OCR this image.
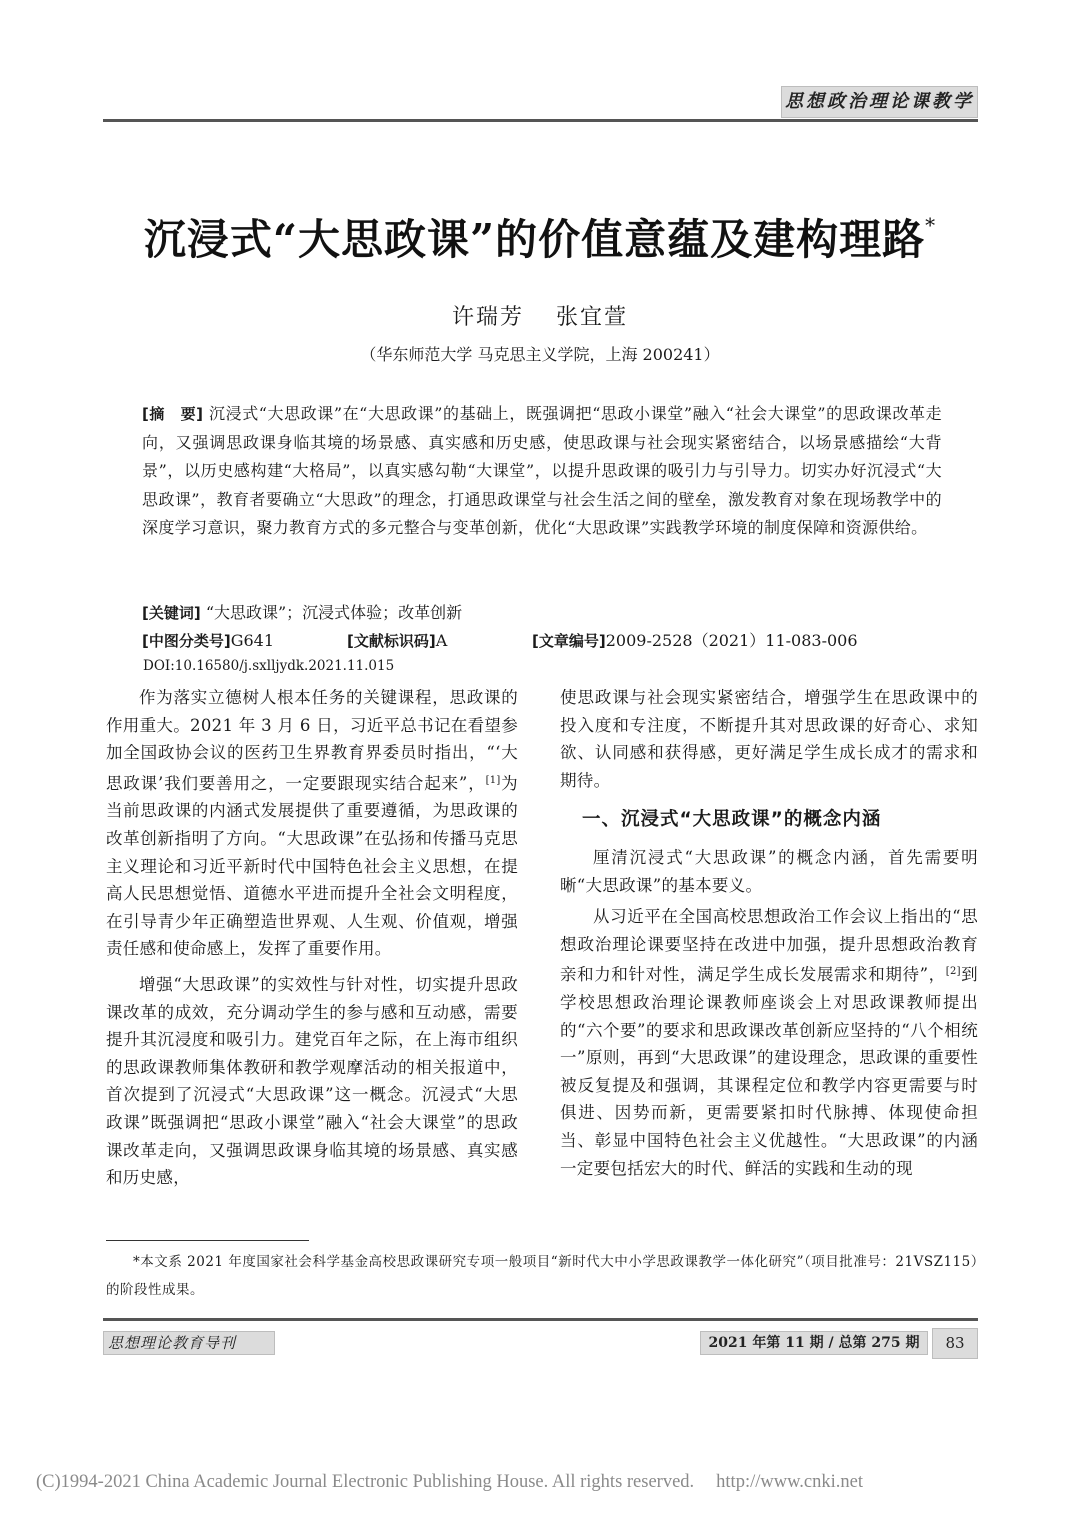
思想政治理论课教学
沉浸式“大思政课”的价值意蕴及建构理路*
许瑞芳 张宜萱
（华东师范大学 马克思主义学院，上海 200241）
[摘　要] 沉浸式“大思政课”在“大思政课”的基础上，既强调把“思政小课堂”融入“社会大课堂”的思政课改革走向，又强调思政课身临其境的场景感、真实感和历史感，使思政课与社会现实紧密结合，以场景感描绘“大背景”，以历史感构建“大格局”，以真实感勾勒“大课堂”，以提升思政课的吸引力与引导力。切实办好沉浸式“大思政课”，教育者要确立“大思政”的理念，打通思政课堂与社会生活之间的壁垒，激发教育对象在现场教学中的深度学习意识，聚力教育方式的多元整合与变革创新，优化“大思政课”实践教学环境的制度保障和资源供给。
[关键词] “大思政课”；沉浸式体验；改革创新
[中图分类号]G641	[文献标识码]A	[文章编号]2009-2528（2021）11-083-006
DOI:10.16580/j.sxlljydk.2021.11.015

作为落实立德树人根本任务的关键课程，思政课的作用重大。2021 年 3 月 6 日，习近平总书记在看望参加全国政协会议的医药卫生界教育界委员时指出，“‘大思政课’我们要善用之，一定要跟现实结合起来”，[1]为当前思政课的内涵式发展提供了重要遵循，为思政课的改革创新指明了方向。“大思政课”在弘扬和传播马克思主义理论和习近平新时代中国特色社会主义思想，在提高人民思想觉悟、道德水平进而提升全社会文明程度，在引导青少年正确塑造世界观、人生观、价值观，增强责任感和使命感上，发挥了重要作用。

增强“大思政课”的实效性与针对性，切实提升思政课改革的成效，充分调动学生的参与感和互动感，需要提升其沉浸度和吸引力。建党百年之际，在上海市组织的思政课教师集体教研和教学观摩活动的相关报道中，首次提到了沉浸式“大思政课”这一概念。沉浸式“大思政课”既强调把“思政小课堂”融入“社会大课堂”的思政课改革走向，又强调思政课身临其境的场景感、真实感和历史感，

使思政课与社会现实紧密结合，增强学生在思政课中的投入度和专注度，不断提升其对思政课的好奇心、求知欲、认同感和获得感，更好满足学生成长成才的需求和期待。

一、沉浸式“大思政课”的概念内涵

厘清沉浸式“大思政课”的概念内涵，首先需要明晰“大思政课”的基本要义。

从习近平在全国高校思想政治工作会议上指出的“思想政治理论课要坚持在改进中加强，提升思想政治教育亲和力和针对性，满足学生成长发展需求和期待”，[2]到学校思想政治理论课教师座谈会上对思政课教师提出的“六个要”的要求和思政课改革创新应坚持的“八个相统一”原则，再到“大思政课”的建设理念，思政课的重要性被反复提及和强调，其课程定位和教学内容更需要与时俱进、因势而新，更需要紧扣时代脉搏、体现使命担当、彰显中国特色社会主义优越性。“大思政课”的内涵一定要包括宏大的时代、鲜活的实践和生动的现

*本文系 2021 年度国家社会科学基金高校思政课研究专项一般项目“新时代大中小学思政课教学一体化研究”（项目批准号：21VSZ115）的阶段性成果。
思想理论教育导刊	2021 年第 11 期 / 总第 275 期	83
(C)1994-2021 China Academic Journal Electronic Publishing House. All rights reserved. http://www.cnki.net
